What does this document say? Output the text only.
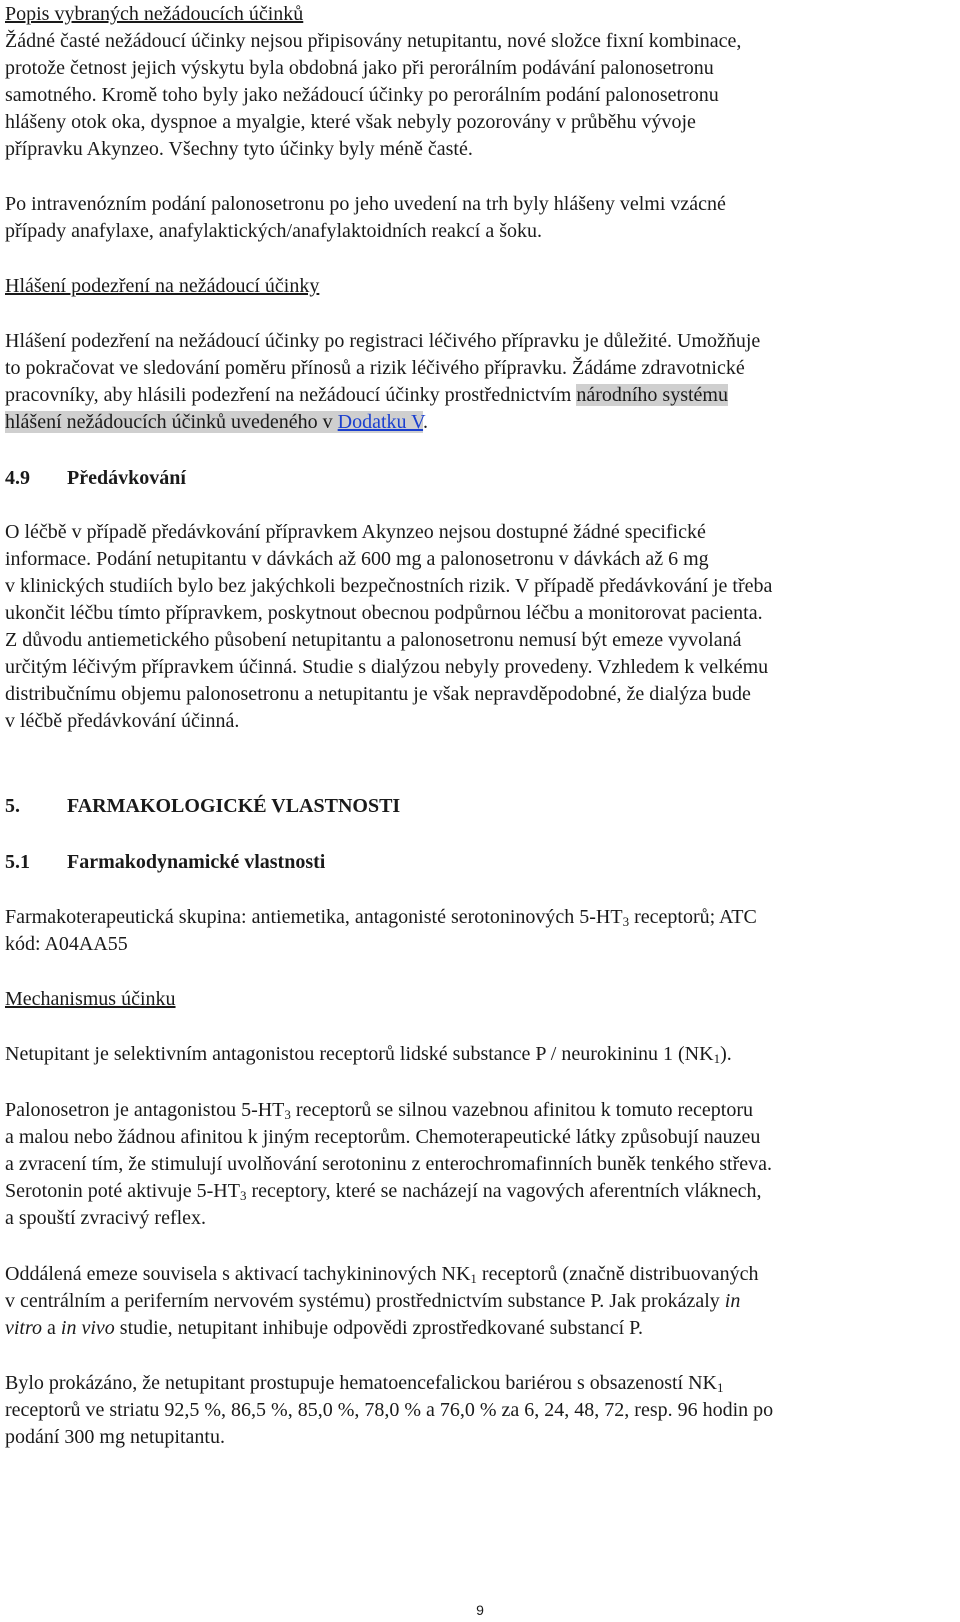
Popis vybraných nežádoucích účinků

Žádné časté nežádoucí účinky nejsou připisovány netupitantu, nové složce fixní kombinace,

protože četnost jejich výskytu byla obdobná jako při perorálním podávání palonosetronu

samotného. Kromě toho byly jako nežádoucí účinky po perorálním podání palonosetronu

hlášeny otok oka, dyspnoe a myalgie, které však nebyly pozorovány v průběhu vývoje

přípravku Akynzeo. Všechny tyto účinky byly méně časté.

Po intravenózním podání palonosetronu po jeho uvedení na trh byly hlášeny velmi vzácné

případy anafylaxe, anafylaktických/anafylaktoidních reakcí a šoku.

Hlášení podezření na nežádoucí účinky

Hlášení podezření na nežádoucí účinky po registraci léčivého přípravku je důležité. Umožňuje

to pokračovat ve sledování poměru přínosů a rizik léčivého přípravku. Žádáme zdravotnické

pracovníky, aby hlásili podezření na nežádoucí účinky prostřednictvím národního systému

hlášení nežádoucích účinků uvedeného v Dodatku V.

4.9 Předávkování

O léčbě v případě předávkování přípravkem Akynzeo nejsou dostupné žádné specifické

informace. Podání netupitantu v dávkách až 600 mg a palonosetronu v dávkách až 6 mg

v klinických studiích bylo bez jakýchkoli bezpečnostních rizik. V případě předávkování je třeba

ukončit léčbu tímto přípravkem, poskytnout obecnou podpůrnou léčbu a monitorovat pacienta.

Z důvodu antiemetického působení netupitantu a palonosetronu nemusí být emeze vyvolaná

určitým léčivým přípravkem účinná. Studie s dialýzou nebyly provedeny. Vzhledem k velkému

distribučnímu objemu palonosetronu a netupitantu je však nepravděpodobné, že dialýza bude

v léčbě předávkování účinná.

5. FARMAKOLOGICKÉ VLASTNOSTI

5.1 Farmakodynamické vlastnosti

Farmakoterapeutická skupina: antiemetika, antagonisté serotoninových $5-HT_3$ receptorů; ATC

kód: A04AA55

Mechanismus účinku

Netupitant je selektivním antagonistou receptorů lidské substance P / neurokininu 1 $(NK_1)$.

Palonosetron je antagonistou $5-HT_3$ receptorů se silnou vazebnou afinitou k tomuto receptoru

a malou nebo žádnou afinitou k jiným receptorům. Chemoterapeutické látky způsobují nauzeu

a zvracení tím, že stimulují uvolňování serotoninu z enterochromafinních buněk tenkého střeva.

Serotonin poté aktivuje $5-HT_3$ receptory, které se nacházejí na vagových aferentních vláknech,

a spouští zvracivý reflex.

Oddálená emeze souvisela s aktivací tachykininových $NK_1$ receptorů (značně distribuovaných

v centrálním a periferním nervovém systému) prostřednictvím substance P. Jak prokázaly in

vitro a in vivo studie, netupitant inhibuje odpovědi zprostředkované substancí P.

Bylo prokázáno, že netupitant prostupuje hematoencefalickou bariérou s obsazeností $NK_1$

receptorů ve striatu 92,5 %, 86,5 %, 85,0 %, 78,0 % a 76,0 % za 6, 24, 48, 72, resp. 96 hodin po

podání 300 mg netupitantu.

9
